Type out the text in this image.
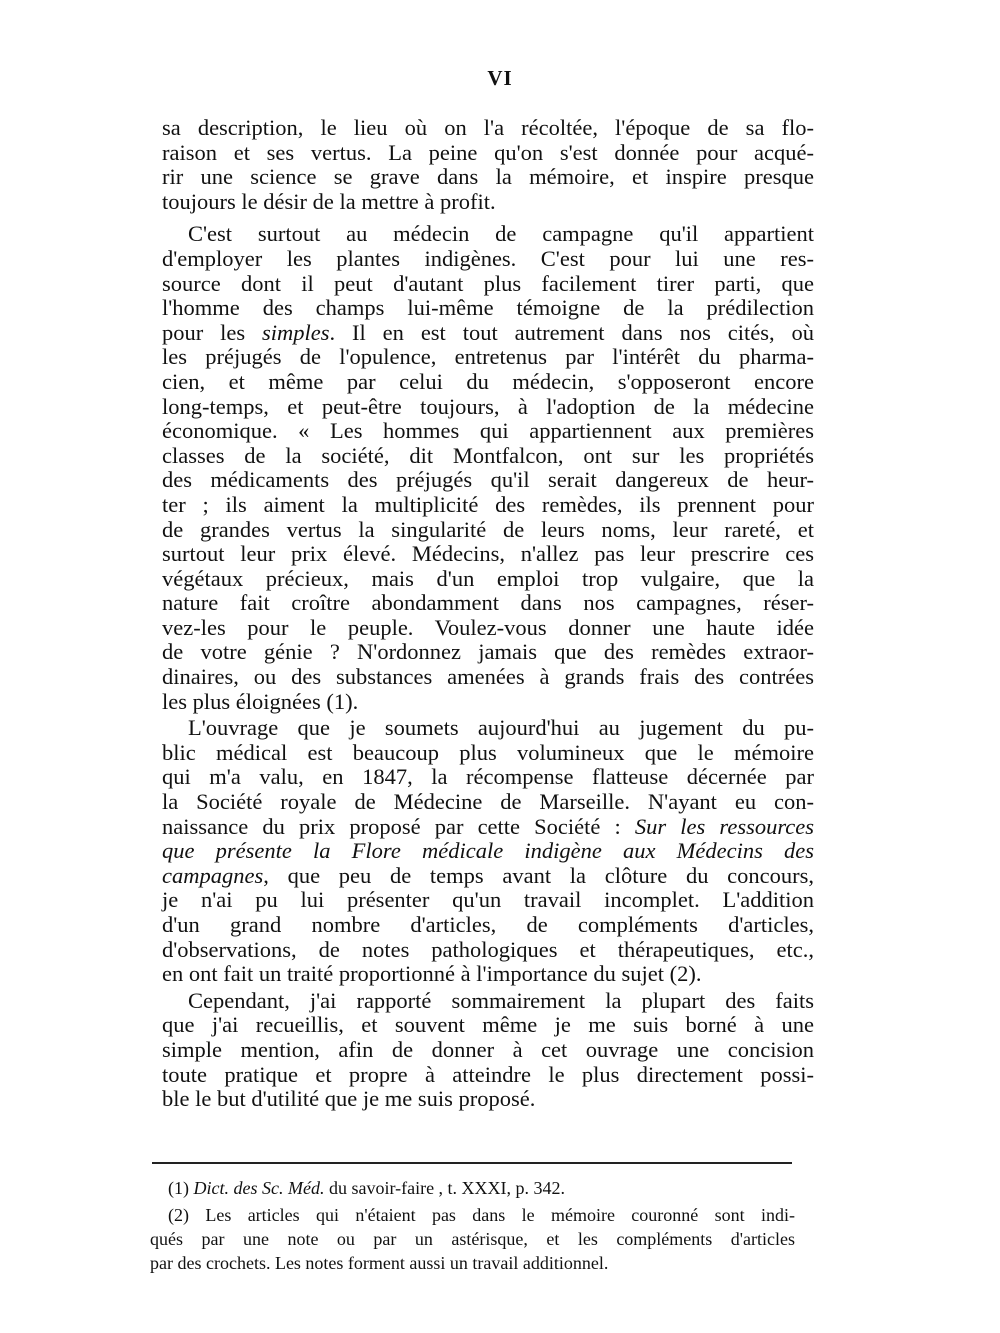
VI
sa description, le lieu où on l'a récoltée, l'époque de sa flo-
raison et ses vertus. La peine qu'on s'est donnée pour acqué-
rir une science se grave dans la mémoire, et inspire presque
toujours le désir de la mettre à profit.
C'est surtout au médecin de campagne qu'il appartient
d'employer les plantes indigènes. C'est pour lui une res-
source dont il peut d'autant plus facilement tirer parti, que
l'homme des champs lui-même témoigne de la prédilection
pour les simples. Il en est tout autrement dans nos cités, où
les préjugés de l'opulence, entretenus par l'intérêt du pharma-
cien, et même par celui du médecin, s'opposeront encore
long-temps, et peut-être toujours, à l'adoption de la médecine
économique. « Les hommes qui appartiennent aux premières
classes de la société, dit Montfalcon, ont sur les propriétés
des médicaments des préjugés qu'il serait dangereux de heur-
ter ; ils aiment la multiplicité des remèdes, ils prennent pour
de grandes vertus la singularité de leurs noms, leur rareté, et
surtout leur prix élevé. Médecins, n'allez pas leur prescrire ces
végétaux précieux, mais d'un emploi trop vulgaire, que la
nature fait croître abondamment dans nos campagnes, réser-
vez-les pour le peuple. Voulez-vous donner une haute idée
de votre génie ? N'ordonnez jamais que des remèdes extraor-
dinaires, ou des substances amenées à grands frais des contrées
les plus éloignées (1).
L'ouvrage que je soumets aujourd'hui au jugement du pu-
blic médical est beaucoup plus volumineux que le mémoire
qui m'a valu, en 1847, la récompense flatteuse décernée par
la Société royale de Médecine de Marseille. N'ayant eu con-
naissance du prix proposé par cette Société : Sur les ressources
que présente la Flore médicale indigène aux Médecins des
campagnes, que peu de temps avant la clôture du concours,
je n'ai pu lui présenter qu'un travail incomplet. L'addition
d'un grand nombre d'articles, de compléments d'articles,
d'observations, de notes pathologiques et thérapeutiques, etc.,
en ont fait un traité proportionné à l'importance du sujet (2).
Cependant, j'ai rapporté sommairement la plupart des faits
que j'ai recueillis, et souvent même je me suis borné à une
simple mention, afin de donner à cet ouvrage une concision
toute pratique et propre à atteindre le plus directement possi-
ble le but d'utilité que je me suis proposé.
(1) Dict. des Sc. Méd. du savoir-faire , t. XXXI, p. 342.
(2) Les articles qui n'étaient pas dans le mémoire couronné sont indi-
qués par une note ou par un astérisque, et les compléments d'articles
par des crochets. Les notes forment aussi un travail additionnel.
